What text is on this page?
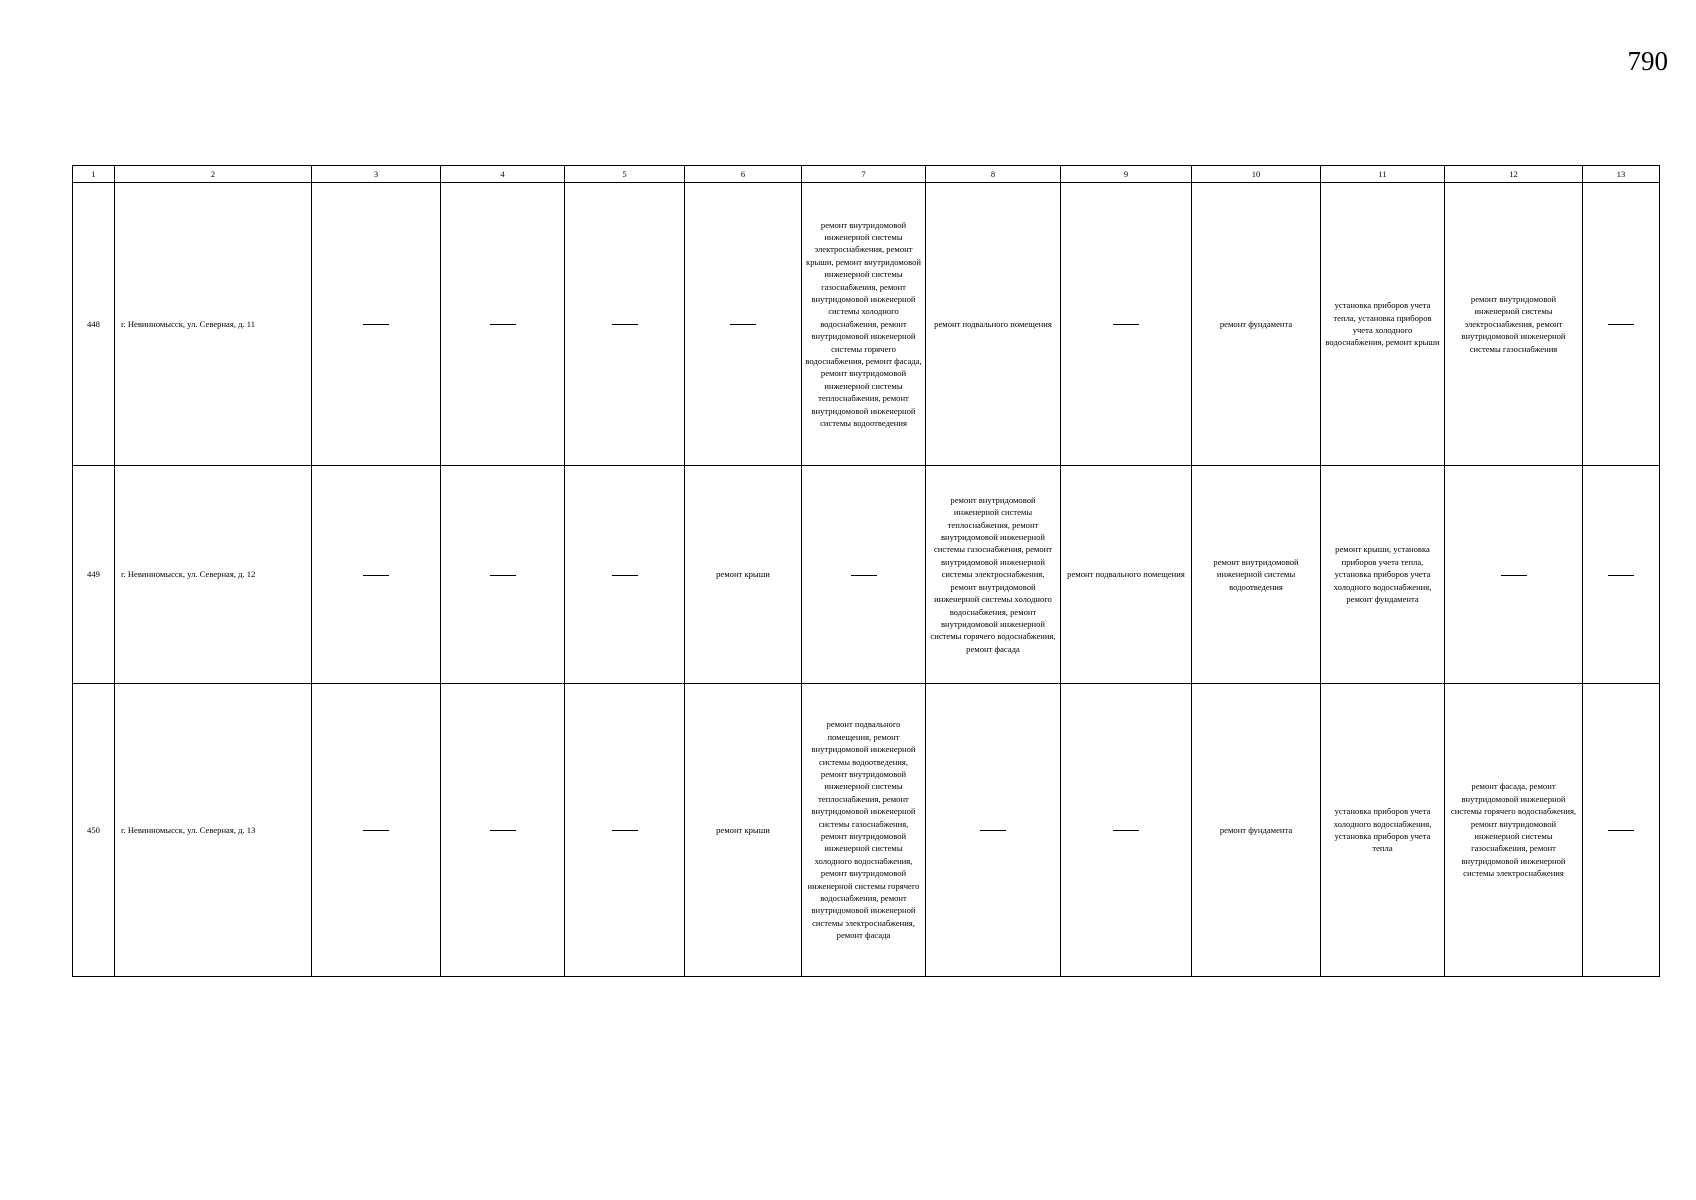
790
1	2	3	4	5	6	7	8	9	10	11	12	13
448	г. Невинномысск, ул. Северная, д. 11					ремонт внутридомовой инженерной системы электроснабжения, ремонт крыши, ремонт внутридомовой инженерной системы газоснабжения, ремонт внутридомовой инженерной системы холодного водоснабжения, ремонт внутридомовой инженерной системы горячего водоснабжения, ремонт фасада, ремонт внутридомовой инженерной системы теплоснабжения, ремонт внутридомовой инженерной системы водоотведения	ремонт подвального помещения		ремонт фундамента	установка приборов учета тепла, установка приборов учета холодного водоснабжения, ремонт крыши	ремонт внутридомовой инженерной системы электроснабжения, ремонт внутридомовой инженерной системы газоснабжения	
449	г. Невинномысск, ул. Северная, д. 12				ремонт крыши		ремонт внутридомовой инженерной системы теплоснабжения, ремонт внутридомовой инженерной системы газоснабжения, ремонт внутридомовой инженерной системы электроснабжения, ремонт внутридомовой инженерной системы холодного водоснабжения, ремонт внутридомовой инженерной системы горячего водоснабжения, ремонт фасада	ремонт подвального помещения	ремонт внутридомовой инженерной системы водоотведения	ремонт крыши, установка приборов учета тепла, установка приборов учета холодного водоснабжения, ремонт фундамента		
450	г. Невинномысск, ул. Северная, д. 13				ремонт крыши	ремонт подвального помещения, ремонт внутридомовой инженерной системы водоотведения, ремонт внутридомовой инженерной системы теплоснабжения, ремонт внутридомовой инженерной системы газоснабжения, ремонт внутридомовой инженерной системы холодного водоснабжения, ремонт внутридомовой инженерной системы горячего водоснабжения, ремонт внутридомовой инженерной системы электроснабжения, ремонт фасада			ремонт фундамента	установка приборов учета холодного водоснабжения, установка приборов учета тепла	ремонт фасада, ремонт внутридомовой инженерной системы горячего водоснабжения, ремонт внутридомовой инженерной системы газоснабжения, ремонт внутридомовой инженерной системы электроснабжения	
